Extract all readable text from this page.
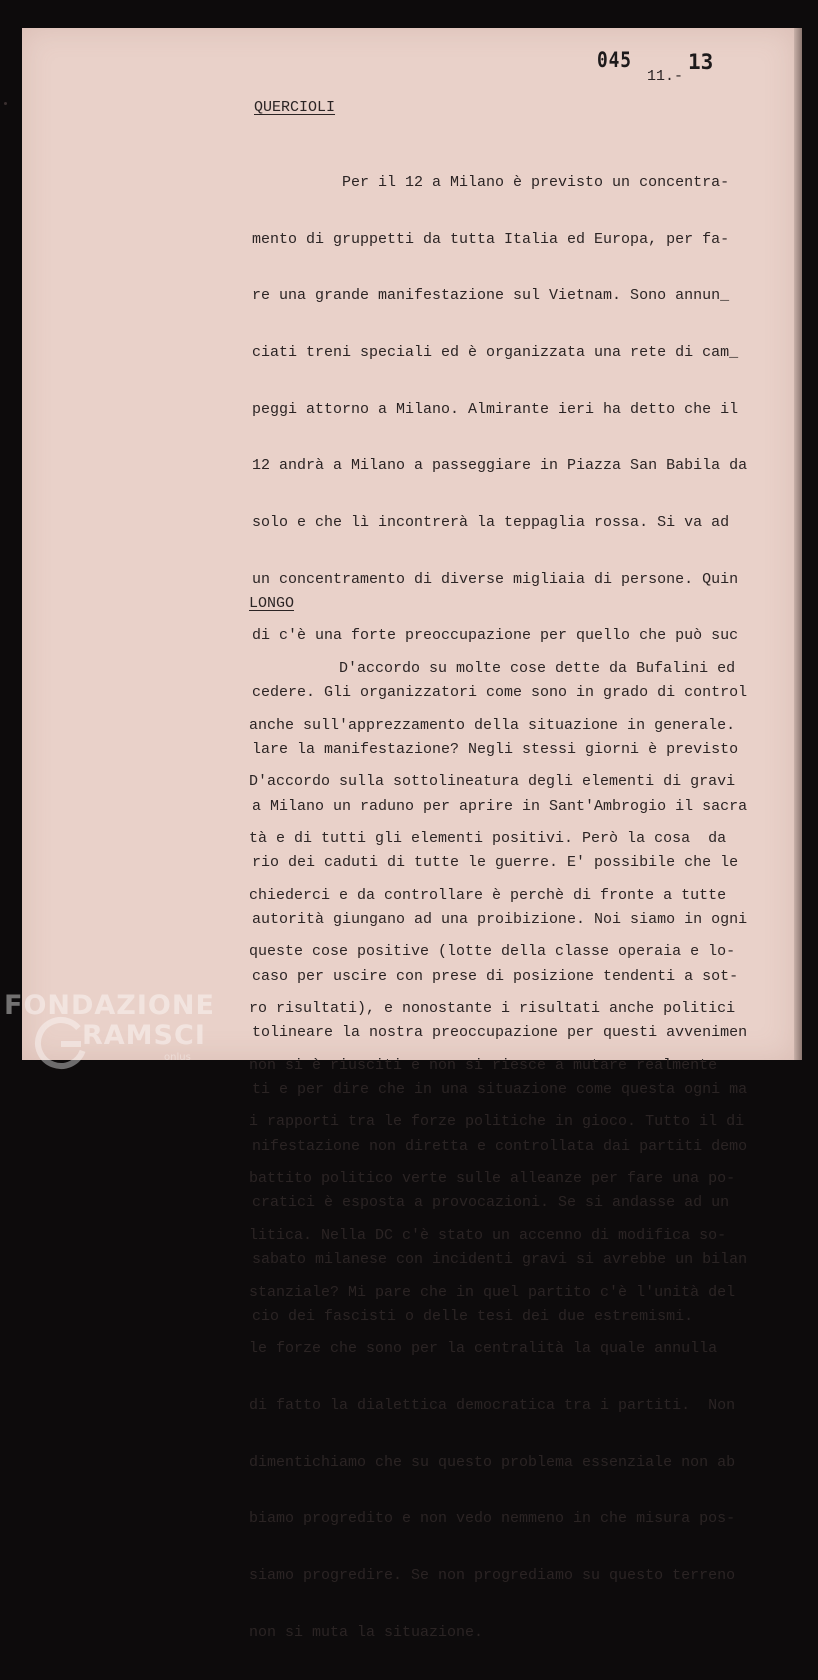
045	13
11.-
QUERCIOLI

Per il 12 a Milano è previsto un concentra-

mento di gruppetti da tutta Italia ed Europa, per fa-

re una grande manifestazione sul Vietnam. Sono annun_

ciati treni speciali ed è organizzata una rete di cam_

peggi attorno a Milano. Almirante ieri ha detto che il

12 andrà a Milano a passeggiare in Piazza San Babila da

solo e che lì incontrerà la teppaglia rossa. Si va ad

un concentramento di diverse migliaia di persone. Quin

di c'è una forte preoccupazione per quello che può suc

cedere. Gli organizzatori come sono in grado di control

lare la manifestazione? Negli stessi giorni è previsto

a Milano un raduno per aprire in Sant'Ambrogio il sacra

rio dei caduti di tutte le guerre. E' possibile che le

autorità giungano ad una proibizione. Noi siamo in ogni

caso per uscire con prese di posizione tendenti a sot-

tolineare la nostra preoccupazione per questi avvenimen

ti e per dire che in una situazione come questa ogni ma

nifestazione non diretta e controllata dai partiti demo

cratici è esposta a provocazioni. Se si andasse ad un

sabato milanese con incidenti gravi si avrebbe un bilan

cio dei fascisti o delle tesi dei due estremismi.

LONGO

D'accordo su molte cose dette da Bufalini ed

anche sull'apprezzamento della situazione in generale.

D'accordo sulla sottolineatura degli elementi di gravi

tà e di tutti gli elementi positivi. Però la cosa  da

chiederci e da controllare è perchè di fronte a tutte

queste cose positive (lotte della classe operaia e lo-

ro risultati), e nonostante i risultati anche politici

non si è riusciti e non si riesce a mutare realmente

i rapporti tra le forze politiche in gioco. Tutto il di

battito politico verte sulle alleanze per fare una po-

litica. Nella DC c'è stato un accenno di modifica so-

stanziale? Mi pare che in quel partito c'è l'unità del

le forze che sono per la centralità la quale annulla

di fatto la dialettica democratica tra i partiti.  Non

dimentichiamo che su questo problema essenziale non ab

biamo progredito e non vedo nemmeno in che misura pos-

siamo progredire. Se non progrediamo su questo terreno

non si muta la situazione.

FONDAZIONE
RAMSCI
onlus
